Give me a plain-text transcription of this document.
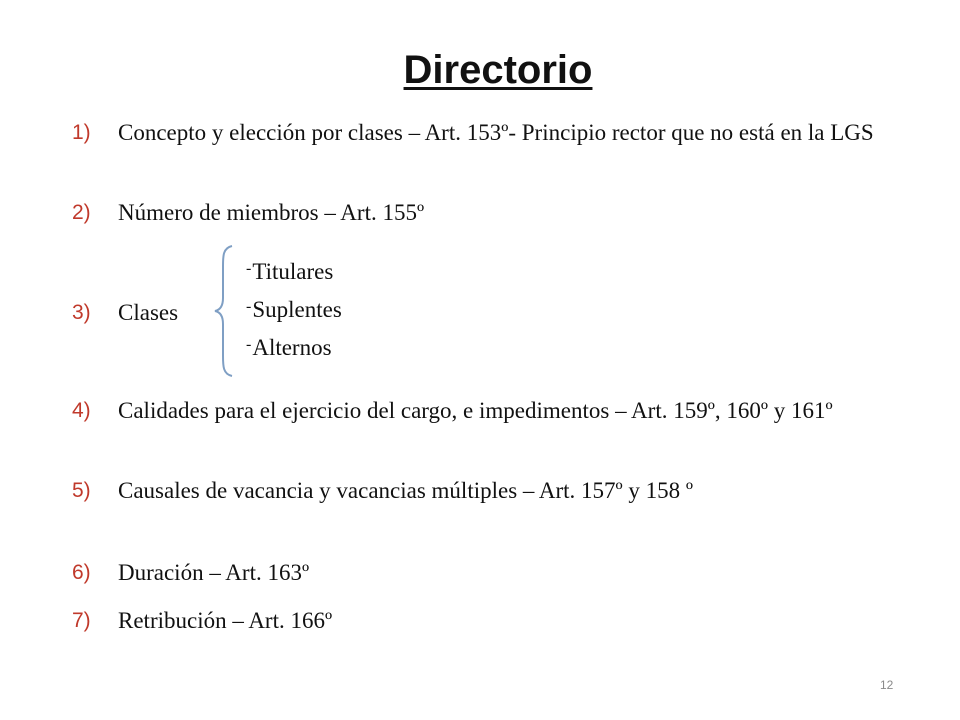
Directorio
1) Concepto y elección por clases – Art. 153º- Principio rector que no está en la LGS
2) Número de miembros – Art. 155º
3) Clases
-Titulares
-Suplentes
-Alternos
4) Calidades para el ejercicio del cargo, e impedimentos – Art. 159º, 160º y 161º
5) Causales de vacancia y vacancias múltiples – Art. 157º y 158 º
6) Duración – Art. 163º
7) Retribución – Art. 166º
12
